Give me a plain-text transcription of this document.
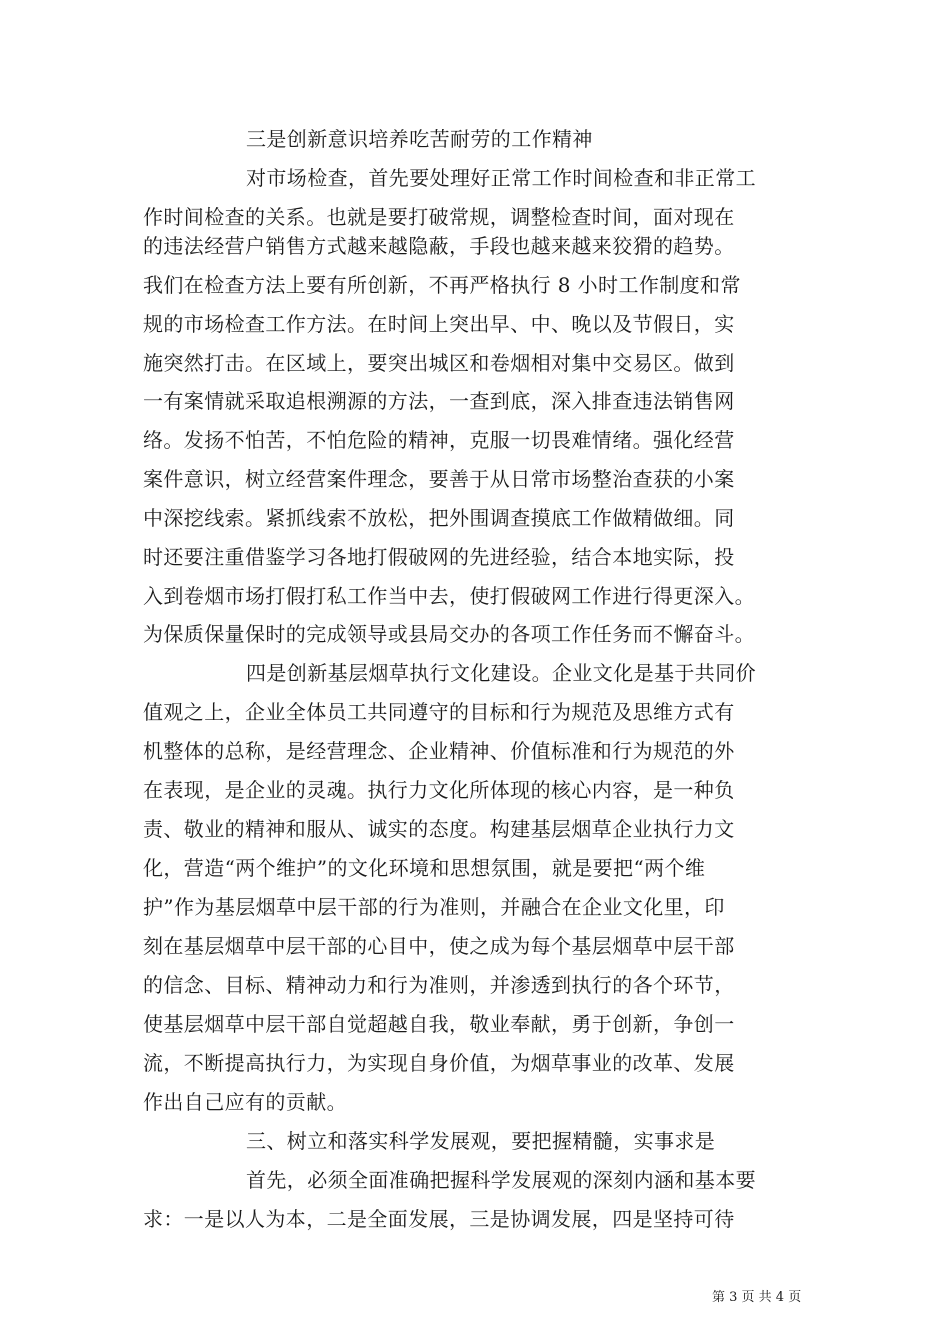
三是创新意识培养吃苦耐劳的工作精神
对市场检查，首先要处理好正常工作时间检查和非正常工
作时间检查的关系。也就是要打破常规，调整检查时间，面对现在
的违法经营户销售方式越来越隐蔽，手段也越来越来狡猾的趋势。
我们在检查方法上要有所创新，不再严格执行 8 小时工作制度和常
规的市场检查工作方法。在时间上突出早、中、晚以及节假日，实
施突然打击。在区域上，要突出城区和卷烟相对集中交易区。做到
一有案情就采取追根溯源的方法，一查到底，深入排查违法销售网
络。发扬不怕苦，不怕危险的精神，克服一切畏难情绪。强化经营
案件意识，树立经营案件理念，要善于从日常市场整治查获的小案
中深挖线索。紧抓线索不放松，把外围调查摸底工作做精做细。同
时还要注重借鉴学习各地打假破网的先进经验，结合本地实际，投
入到卷烟市场打假打私工作当中去，使打假破网工作进行得更深入。
为保质保量保时的完成领导或县局交办的各项工作任务而不懈奋斗。
四是创新基层烟草执行文化建设。企业文化是基于共同价
值观之上，企业全体员工共同遵守的目标和行为规范及思维方式有
机整体的总称，是经营理念、企业精神、价值标准和行为规范的外
在表现，是企业的灵魂。执行力文化所体现的核心内容，是一种负
责、敬业的精神和服从、诚实的态度。构建基层烟草企业执行力文
化，营造“两个维护”的文化环境和思想氛围，就是要把“两个维
护”作为基层烟草中层干部的行为准则，并融合在企业文化里，印
刻在基层烟草中层干部的心目中，使之成为每个基层烟草中层干部
的信念、目标、精神动力和行为准则，并渗透到执行的各个环节，
使基层烟草中层干部自觉超越自我，敬业奉献，勇于创新，争创一
流，不断提高执行力，为实现自身价值，为烟草事业的改革、发展
作出自己应有的贡献。
三、树立和落实科学发展观，要把握精髓，实事求是
首先，必须全面准确把握科学发展观的深刻内涵和基本要
求：一是以人为本，二是全面发展，三是协调发展，四是坚持可待
第 3 页 共 4 页
